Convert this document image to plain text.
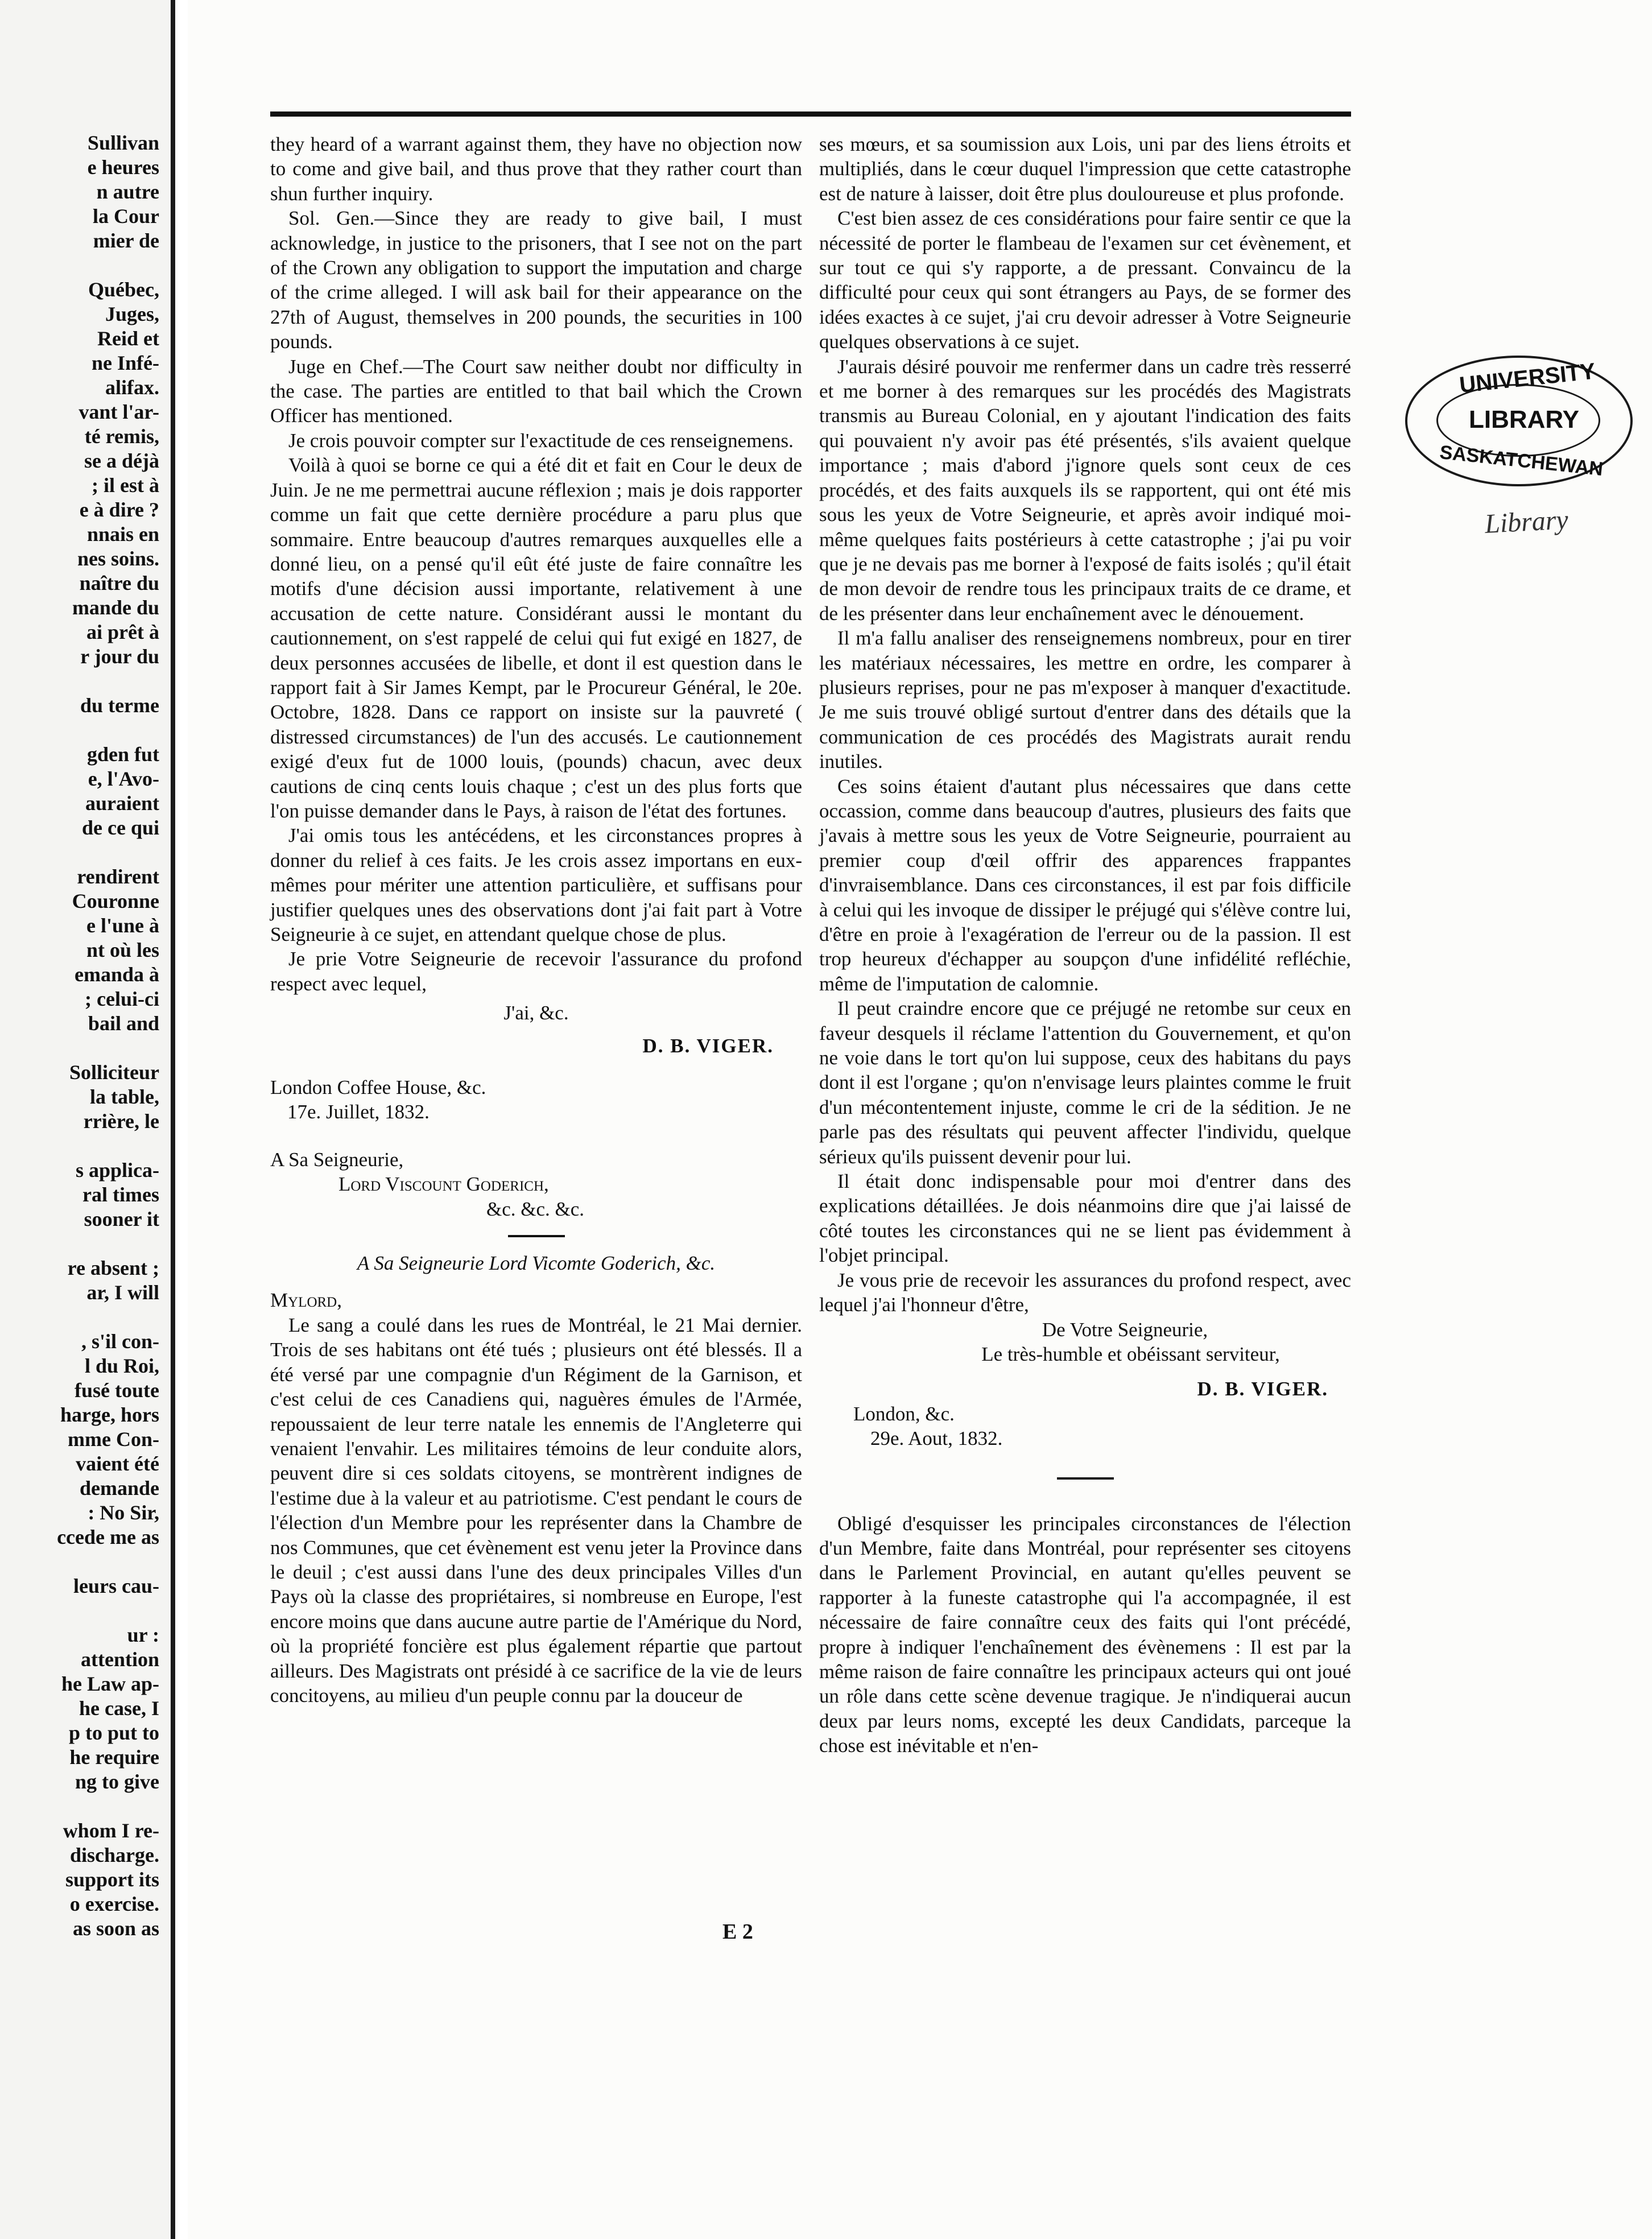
Sullivan
e heures
n autre
la Cour
mier de
Québec,
Juges,
Reid et
ne Infé-
alifax.
vant l'ar-
té remis,
se a déjà
; il est à
e à dire ?
nnais en
nes soins.
naître du
mande du
ai prêt à
r jour du
du terme
gden fut
e, l'Avo-
auraient
de ce qui
rendirent
Couronne
e l'une à
nt où les
emanda à
; celui-ci
bail and
Solliciteur
la table,
rrière, le
s applica-
ral times
sooner it
re absent ;
ar, I will
, s'il con-
l du Roi,
fusé toute
harge, hors
mme Con-
vaient été
demande
: No Sir,
ccede me as
leurs cau-
ur :
attention
he Law ap-
he case, I
p to put to
he require
ng to give
whom I re-
discharge.
support its
o exercise.
as soon as

they heard of a warrant against them, they have no objection now to come and give bail, and thus prove that they rather court than shun further inquiry.

Sol. Gen.—Since they are ready to give bail, I must acknowledge, in justice to the prisoners, that I see not on the part of the Crown any obligation to support the imputation and charge of the crime alleged. I will ask bail for their appearance on the 27th of August, themselves in 200 pounds, the securities in 100 pounds.

Juge en Chef.—The Court saw neither doubt nor difficulty in the case. The parties are entitled to that bail which the Crown Officer has mentioned.

Je crois pouvoir compter sur l'exactitude de ces renseignemens.

Voilà à quoi se borne ce qui a été dit et fait en Cour le deux de Juin. Je ne me permettrai aucune réflexion ; mais je dois rapporter comme un fait que cette dernière procédure a paru plus que sommaire. Entre beaucoup d'autres remarques auxquelles elle a donné lieu, on a pensé qu'il eût été juste de faire connaître les motifs d'une décision aussi importante, relativement à une accusation de cette nature. Considérant aussi le montant du cautionnement, on s'est rappelé de celui qui fut exigé en 1827, de deux personnes accusées de libelle, et dont il est question dans le rapport fait à Sir James Kempt, par le Procureur Général, le 20e. Octobre, 1828. Dans ce rapport on insiste sur la pauvreté ( distressed circumstances) de l'un des accusés. Le cautionnement exigé d'eux fut de 1000 louis, (pounds) chacun, avec deux cautions de cinq cents louis chaque ; c'est un des plus forts que l'on puisse demander dans le Pays, à raison de l'état des fortunes.

J'ai omis tous les antécédens, et les circonstances propres à donner du relief à ces faits. Je les crois assez importans en eux-mêmes pour mériter une attention particulière, et suffisans pour justifier quelques unes des observations dont j'ai fait part à Votre Seigneurie à ce sujet, en attendant quelque chose de plus.

Je prie Votre Seigneurie de recevoir l'assurance du profond respect avec lequel,

J'ai, &c.

D. B. VIGER.

London Coffee House, &c.

17e. Juillet, 1832.

A Sa Seigneurie,

Lord Viscount Goderich,

&c. &c. &c.

A Sa Seigneurie Lord Vicomte Goderich, &c.

Mylord,

Le sang a coulé dans les rues de Montréal, le 21 Mai dernier. Trois de ses habitans ont été tués ; plusieurs ont été blessés. Il a été versé par une compagnie d'un Régiment de la Garnison, et c'est celui de ces Canadiens qui, naguères émules de l'Armée, repoussaient de leur terre natale les ennemis de l'Angleterre qui venaient l'envahir. Les militaires témoins de leur conduite alors, peuvent dire si ces soldats citoyens, se montrèrent indignes de l'estime due à la valeur et au patriotisme. C'est pendant le cours de l'élection d'un Membre pour les représenter dans la Chambre de nos Communes, que cet évènement est venu jeter la Province dans le deuil ; c'est aussi dans l'une des deux principales Villes d'un Pays où la classe des propriétaires, si nombreuse en Europe, l'est encore moins que dans aucune autre partie de l'Amérique du Nord, où la propriété foncière est plus également répartie que partout ailleurs. Des Magistrats ont présidé à ce sacrifice de la vie de leurs concitoyens, au milieu d'un peuple connu par la douceur de

E 2

ses mœurs, et sa soumission aux Lois, uni par des liens étroits et multipliés, dans le cœur duquel l'impression que cette catastrophe est de nature à laisser, doit être plus douloureuse et plus profonde.

C'est bien assez de ces considérations pour faire sentir ce que la nécessité de porter le flambeau de l'examen sur cet évènement, et sur tout ce qui s'y rapporte, a de pressant. Convaincu de la difficulté pour ceux qui sont étrangers au Pays, de se former des idées exactes à ce sujet, j'ai cru devoir adresser à Votre Seigneurie quelques observations à ce sujet.

J'aurais désiré pouvoir me renfermer dans un cadre très resserré et me borner à des remarques sur les procédés des Magistrats transmis au Bureau Colonial, en y ajoutant l'indication des faits qui pouvaient n'y avoir pas été présentés, s'ils avaient quelque importance ; mais d'abord j'ignore quels sont ceux de ces procédés, et des faits auxquels ils se rapportent, qui ont été mis sous les yeux de Votre Seigneurie, et après avoir indiqué moi-même quelques faits postérieurs à cette catastrophe ; j'ai pu voir que je ne devais pas me borner à l'exposé de faits isolés ; qu'il était de mon devoir de rendre tous les principaux traits de ce drame, et de les présenter dans leur enchaînement avec le dénouement.

Il m'a fallu analiser des renseignemens nombreux, pour en tirer les matériaux nécessaires, les mettre en ordre, les comparer à plusieurs reprises, pour ne pas m'exposer à manquer d'exactitude. Je me suis trouvé obligé surtout d'entrer dans des détails que la communication de ces procédés des Magistrats aurait rendu inutiles.

Ces soins étaient d'autant plus nécessaires que dans cette occassion, comme dans beaucoup d'autres, plusieurs des faits que j'avais à mettre sous les yeux de Votre Seigneurie, pourraient au premier coup d'œil offrir des apparences frappantes d'invraisemblance. Dans ces circonstances, il est par fois difficile à celui qui les invoque de dissiper le préjugé qui s'élève contre lui, d'être en proie à l'exagération de l'erreur ou de la passion. Il est trop heureux d'échapper au soupçon d'une infidélité refléchie, même de l'imputation de calomnie.

Il peut craindre encore que ce préjugé ne retombe sur ceux en faveur desquels il réclame l'attention du Gouvernement, et qu'on ne voie dans le tort qu'on lui suppose, ceux des habitans du pays dont il est l'organe ; qu'on n'envisage leurs plaintes comme le fruit d'un mécontentement injuste, comme le cri de la sédition. Je ne parle pas des résultats qui peuvent affecter l'individu, quelque sérieux qu'ils puissent devenir pour lui.

Il était donc indispensable pour moi d'entrer dans des explications détaillées. Je dois néanmoins dire que j'ai laissé de côté toutes les circonstances qui ne se lient pas évidemment à l'objet principal.

Je vous prie de recevoir les assurances du profond respect, avec lequel j'ai l'honneur d'être,

De Votre Seigneurie,

Le très-humble et obéissant serviteur,

D. B. VIGER.

London, &c.

29e. Aout, 1832.

Obligé d'esquisser les principales circonstances de l'élection d'un Membre, faite dans Montréal, pour représenter ses citoyens dans le Parlement Provincial, en autant qu'elles peuvent se rapporter à la funeste catastrophe qui l'a accompagnée, il est nécessaire de faire connaître ceux des faits qui l'ont précédé, propre à indiquer l'enchaînement des évènemens : Il est par la même raison de faire connaître les principaux acteurs qui ont joué un rôle dans cette scène devenue tragique. Je n'indiquerai aucun deux par leurs noms, excepté les deux Candidats, parceque la chose est inévitable et n'en-

UNIVERSITY
LIBRARY
SASKATCHEWAN
Library
